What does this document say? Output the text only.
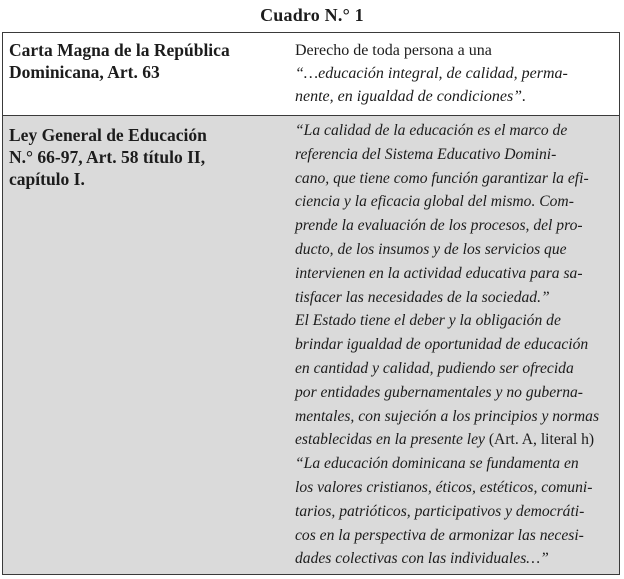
Cuadro N.° 1
Carta Magna de la República
Dominicana, Art. 63
Derecho de toda persona a una
“…educación integral, de calidad, perma-
nente, en igualdad de condiciones”.
Ley General de Educación
N.° 66-97, Art. 58 título II,
capítulo I.
“La calidad de la educación es el marco de
referencia del Sistema Educativo Domini-
cano, que tiene como función garantizar la efi-
ciencia y la eficacia global del mismo. Com-
prende la evaluación de los procesos, del pro-
ducto, de los insumos y de los servicios que
intervienen en la actividad educativa para sa-
tisfacer las necesidades de la sociedad.”
El Estado tiene el deber y la obligación de
brindar igualdad de oportunidad de educación
en cantidad y calidad, pudiendo ser ofrecida
por entidades gubernamentales y no guberna-
mentales, con sujeción a los principios y normas
establecidas en la presente ley (Art. A, literal h)
“La educación dominicana se fundamenta en
los valores cristianos, éticos, estéticos, comuni-
tarios, patrióticos, participativos y democráti-
cos en la perspectiva de armonizar las necesi-
dades colectivas con las individuales…”
